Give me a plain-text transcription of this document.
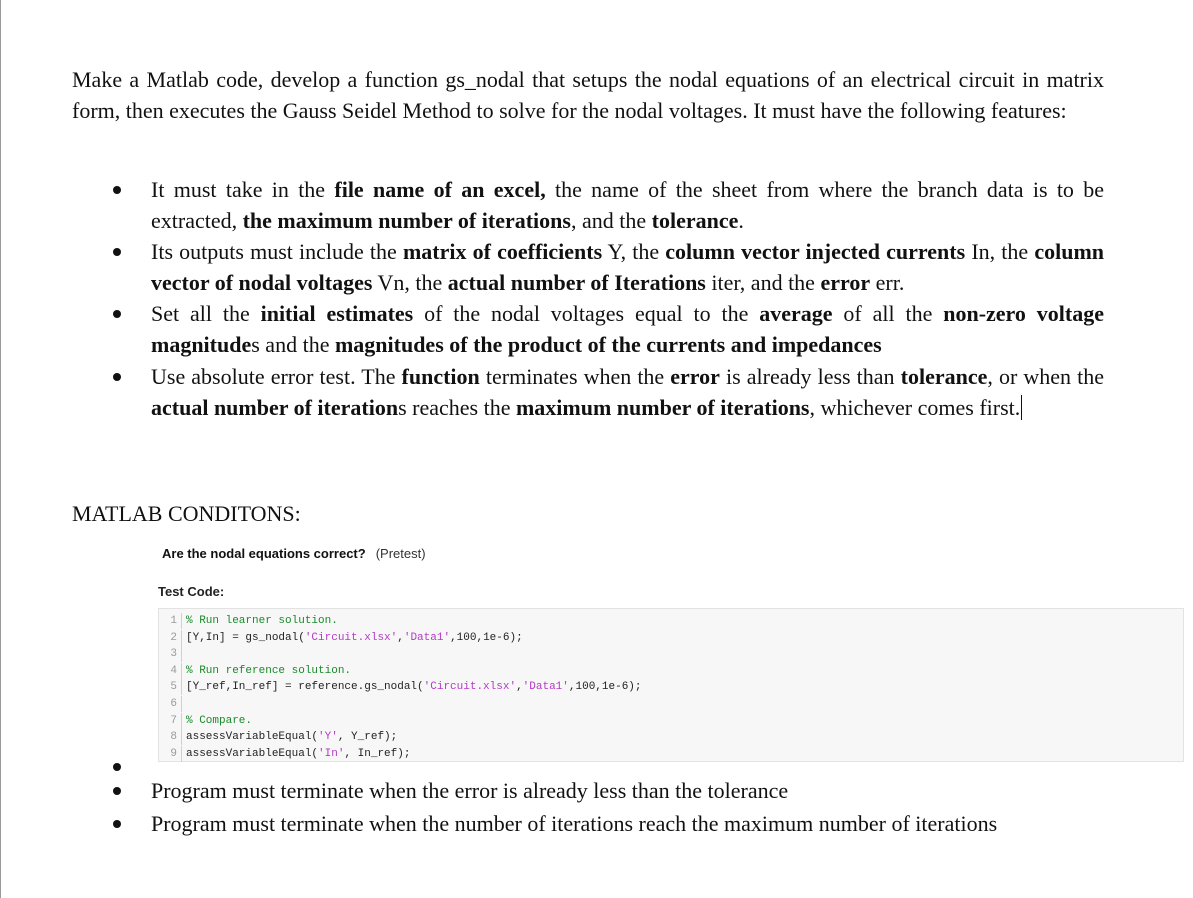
Make a Matlab code, develop a function gs_nodal that setups the nodal equations of an electrical circuit in matrix form, then executes the Gauss Seidel Method to solve for the nodal voltages. It must have the following features:

It must take in the file name of an excel, the name of the sheet from where the branch data is to be extracted, the maximum number of iterations, and the tolerance.
Its outputs must include the matrix of coefficients Y, the column vector injected currents In, the column vector of nodal voltages Vn, the actual number of Iterations iter, and the error err.
Set all the initial estimates of the nodal voltages equal to the average of all the non-zero voltage magnitudes and the magnitudes of the product of the currents and impedances
Use absolute error test. The function terminates when the error is already less than tolerance, or when the actual number of iterations reaches the maximum number of iterations, whichever comes first.

MATLAB CONDITONS:

Are the nodal equations correct? (Pretest)
Test Code:
1 % Run learner solution.
2 [Y,In] = gs_nodal('Circuit.xlsx','Data1',100,1e-6);
3
4 % Run reference solution.
5 [Y_ref,In_ref] = reference.gs_nodal('Circuit.xlsx','Data1',100,1e-6);
6
7 % Compare.
8 assessVariableEqual('Y', Y_ref);
9 assessVariableEqual('In', In_ref);
Program must terminate when the error is already less than the tolerance
Program must terminate when the number of iterations reach the maximum number of iterations
